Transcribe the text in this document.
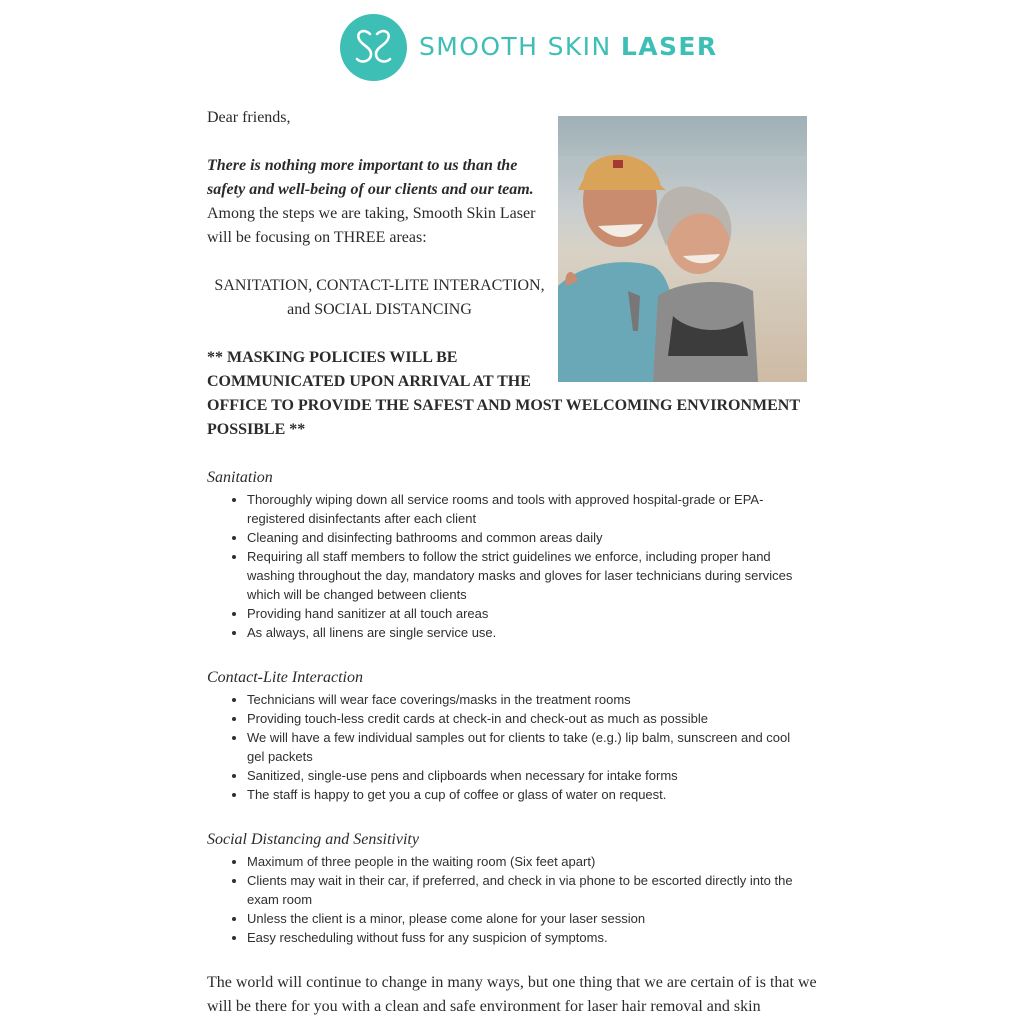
SMOOTH SKIN LASER

Dear friends,

There is nothing more important to us than the safety and well-being of our clients and our team. Among the steps we are taking, Smooth Skin Laser will be focusing on THREE areas:

SANITATION, CONTACT-LITE INTERACTION,
and SOCIAL DISTANCING

** MASKING POLICIES WILL BE COMMUNICATED UPON ARRIVAL AT THE
OFFICE TO PROVIDE THE SAFEST AND MOST WELCOMING ENVIRONMENT POSSIBLE **

Sanitation
• Thoroughly wiping down all service rooms and tools with approved hospital-grade or EPA-registered disinfectants after each client
• Cleaning and disinfecting bathrooms and common areas daily
• Requiring all staff members to follow the strict guidelines we enforce, including proper hand washing throughout the day, mandatory masks and gloves for laser technicians during services which will be changed between clients
• Providing hand sanitizer at all touch areas
• As always, all linens are single service use.
Contact-Lite Interaction
• Technicians will wear face coverings/masks in the treatment rooms
• Providing touch-less credit cards at check-in and check-out as much as possible
• We will have a few individual samples out for clients to take (e.g.) lip balm, sunscreen and cool gel packets
• Sanitized, single-use pens and clipboards when necessary for intake forms
• The staff is happy to get you a cup of coffee or glass of water on request.
Social Distancing and Sensitivity
• Maximum of three people in the waiting room (Six feet apart)
• Clients may wait in their car, if preferred, and check in via phone to be escorted directly into the exam room
• Unless the client is a minor, please come alone for your laser session
• Easy rescheduling without fuss for any suspicion of symptoms.

The world will continue to change in many ways, but one thing that we are certain of is that we will be there for you with a clean and safe environment for laser hair removal and skin
